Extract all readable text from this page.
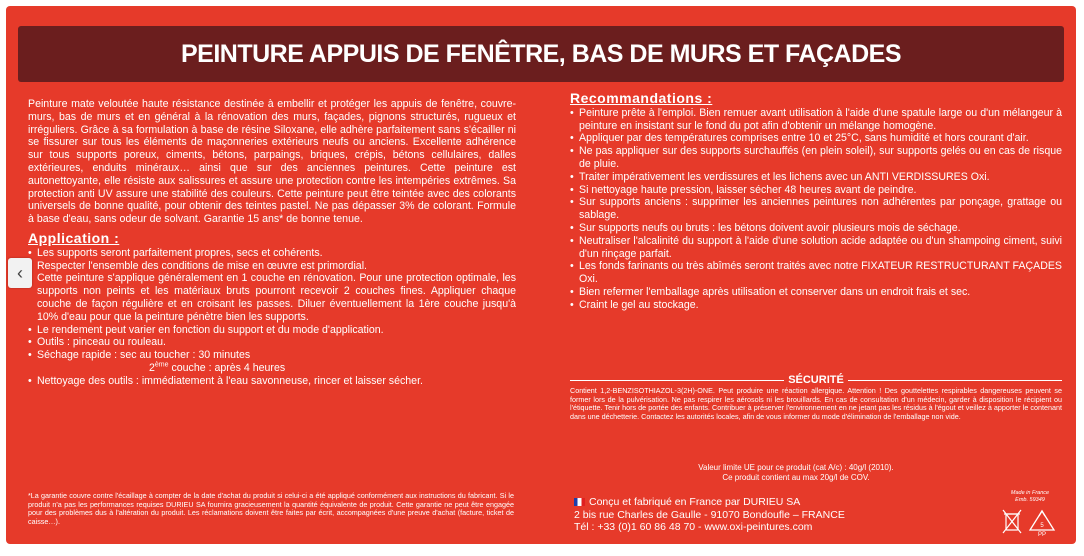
PEINTURE APPUIS DE FENÊTRE, BAS DE MURS ET FAÇADES

Peinture mate veloutée haute résistance destinée à embellir et protéger les appuis de fenêtre, couvre-murs, bas de murs et en général à la rénovation des murs, façades, pignons structurés, rugueux et irréguliers. Grâce à sa formulation à base de résine Siloxane, elle adhère parfaitement sans s'écailler ni se fissurer sur tous les éléments de maçonneries extérieurs neufs ou anciens. Excellente adhérence sur tous supports poreux, ciments, bétons, parpaings, briques, crépis, bétons cellulaires, dalles extérieures, enduits minéraux… ainsi que sur des anciennes peintures. Cette peinture est autonettoyante, elle résiste aux salissures et assure une protection contre les intempéries extrêmes. Sa protection anti UV assure une stabilité des couleurs. Cette peinture peut être teintée avec des colorants universels de bonne qualité, pour obtenir des teintes pastel. Ne pas dépasser 3% de colorant. Formule à base d'eau, sans odeur de solvant. Garantie 15 ans* de bonne tenue.

Application :
• Les supports seront parfaitement propres, secs et cohérents.
• Respecter l'ensemble des conditions de mise en œuvre est primordial.
• Cette peinture s'applique généralement en 1 couche en rénovation. Pour une protection optimale, les supports non peints et les matériaux bruts pourront recevoir 2 couches fines. Appliquer chaque couche de façon régulière et en croisant les passes. Diluer éventuellement la 1ère couche jusqu'à 10% d'eau pour que la peinture pénètre bien les supports.
• Le rendement peut varier en fonction du support et du mode d'application.
• Outils : pinceau ou rouleau.
• Séchage rapide : sec au toucher : 30 minutes
2ème couche : après 4 heures
• Nettoyage des outils : immédiatement à l'eau savonneuse, rincer et laisser sécher.
*La garantie couvre contre l'écaillage à compter de la date d'achat du produit si celui-ci a été appliqué conformément aux instructions du fabricant. Si le produit n'a pas les performances requises DURIEU SA fournira gracieusement la quantité équivalente de produit. Cette garantie ne peut être engagée pour des problèmes dus à l'altération du produit. Les réclamations doivent être faites par écrit, accompagnées d'une preuve d'achat (facture, ticket de caisse…).
Recommandations :
• Peinture prête à l'emploi. Bien remuer avant utilisation à l'aide d'une spatule large ou d'un mélangeur à peinture en insistant sur le fond du pot afin d'obtenir un mélange homogène.
• Appliquer par des températures comprises entre 10 et 25°C, sans humidité et hors courant d'air.
• Ne pas appliquer sur des supports surchauffés (en plein soleil), sur supports gelés ou en cas de risque de pluie.
• Traiter impérativement les verdissures et les lichens avec un ANTI VERDISSURES Oxi.
• Si nettoyage haute pression, laisser sécher 48 heures avant de peindre.
• Sur supports anciens : supprimer les anciennes peintures non adhérentes par ponçage, grattage ou sablage.
• Sur supports neufs ou bruts : les bétons doivent avoir plusieurs mois de séchage.
• Neutraliser l'alcalinité du support à l'aide d'une solution acide adaptée ou d'un shampoing ciment, suivi d'un rinçage parfait.
• Les fonds farinants ou très abîmés seront traités avec notre FIXATEUR RESTRUCTURANT FAÇADES Oxi.
• Bien refermer l'emballage après utilisation et conserver dans un endroit frais et sec.
• Craint le gel au stockage.
SÉCURITÉ
Contient 1,2-BENZISOTHIAZOL-3(2H)-ONE. Peut produire une réaction allergique. Attention ! Des gouttelettes respirables dangereuses peuvent se former lors de la pulvérisation. Ne pas respirer les aérosols ni les brouillards. En cas de consultation d'un médecin, garder à disposition le récipient ou l'étiquette. Tenir hors de portée des enfants. Contribuer à préserver l'environnement en ne jetant pas les résidus à l'égout et veillez à apporter le contenant dans une déchetterie. Contactez les autorités locales, afin de vous informer du mode d'élimination de l'emballage non vide.
Valeur limite UE pour ce produit (cat A/c) : 40g/l (2010).
Ce produit contient au max 20g/l de COV.
Conçu et fabriqué en France par DURIEU SA
2 bis rue Charles de Gaulle - 91070 Bondoufle – FRANCE
Tél : +33 (0)1 60 86 48 70 - www.oxi-peintures.com
Made in France
Emb. 59349
5
PP
‹
